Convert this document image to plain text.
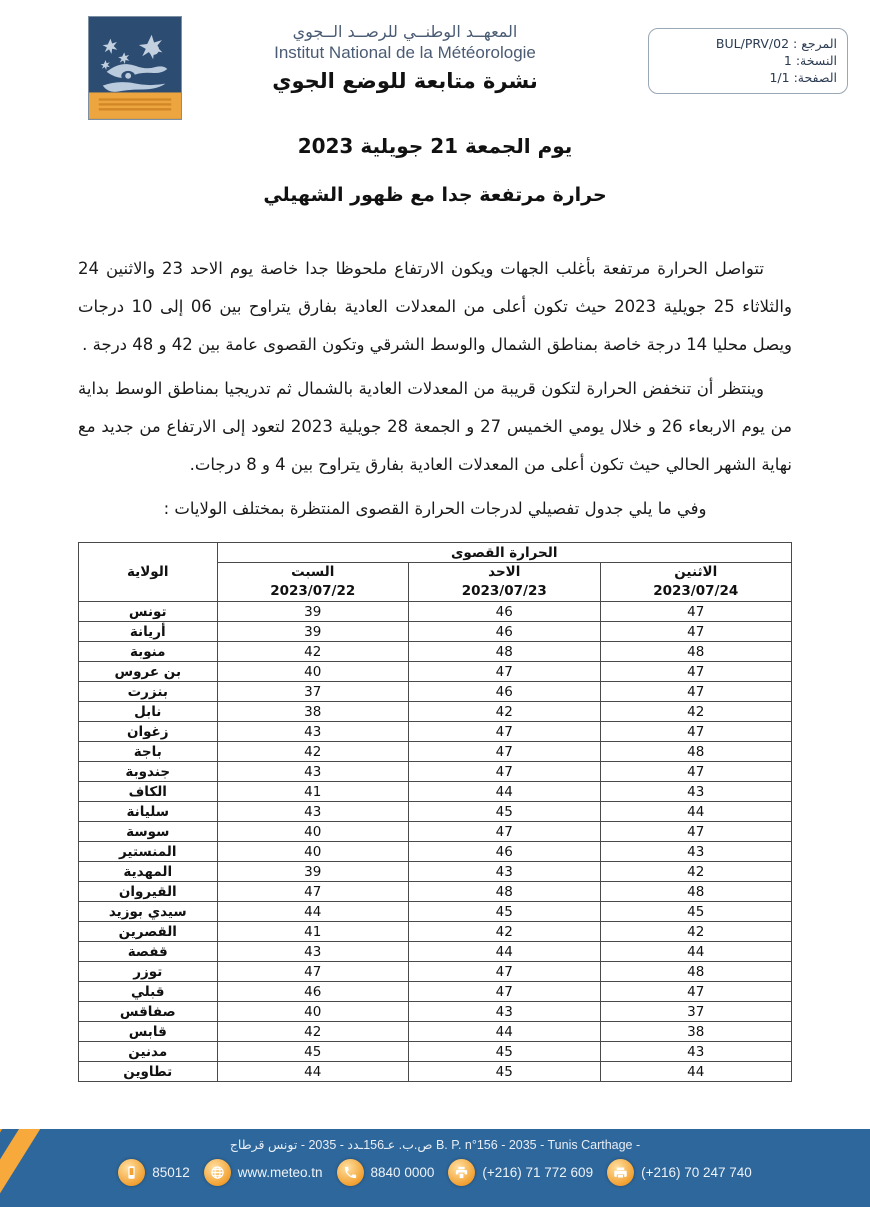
المعهــد الوطنــي للرصــد الــجوي
Institut National de la Météorologie
نشرة متابعة للوضع الجوي
المرجع : BUL/PRV/02
النسخة: 1
الصفحة: 1/1
يوم الجمعة 21 جويلية 2023
حرارة مرتفعة جدا مع ظهور الشهيلي

تتواصل الحرارة مرتفعة بأغلب الجهات ويكون الارتفاع ملحوظا جدا خاصة يوم الاحد 23 والاثنين 24 والثلاثاء 25 جويلية 2023 حيث تكون أعلى من المعدلات العادية بفارق يتراوح بين 06 إلى 10 درجات ويصل محليا 14 درجة خاصة بمناطق الشمال والوسط الشرقي وتكون القصوى عامة بين 42 و 48 درجة .

وينتظر أن تنخفض الحرارة لتكون قريبة من المعدلات العادية بالشمال ثم تدريجيا بمناطق الوسط بداية من يوم الاربعاء 26 و خلال يومي الخميس 27 و الجمعة 28 جويلية 2023 لتعود إلى الارتفاع من جديد مع نهاية الشهر الحالي حيث تكون أعلى من المعدلات العادية بفارق يتراوح بين 4 و 8 درجات.

وفي ما يلي جدول تفصيلي لدرجات الحرارة القصوى المنتظرة بمختلف الولايات :

الحرارة القصوى			الولاية

الاثنين
2023/07/24

الاحد
2023/07/23

السبت
2023/07/22

47	46	39	تونس
47	46	39	أريانة
48	48	42	منوبة
47	47	40	بن عروس
47	46	37	بنزرت
42	42	38	نابل
47	47	43	زغوان
48	47	42	باجة
47	47	43	جندوبة
43	44	41	الكاف
44	45	43	سليانة
47	47	40	سوسة
43	46	40	المنستير
42	43	39	المهدية
48	48	47	القيروان
45	45	44	سيدي بوزيد
42	42	41	القصرين
44	44	43	قفصة
48	47	47	توزر
47	47	46	قبلي
37	43	40	صفاقس
38	44	42	قابس
43	45	45	مدنين
44	45	44	تطاوين
B. P. n°156 - 2035 - Tunis Carthage - ص.ب. عـ156ـدد - 2035 - تونس قرطاج
(+216) 70 247 740
(+216) 71 772 609
8840 0000
www.meteo.tn
85012
